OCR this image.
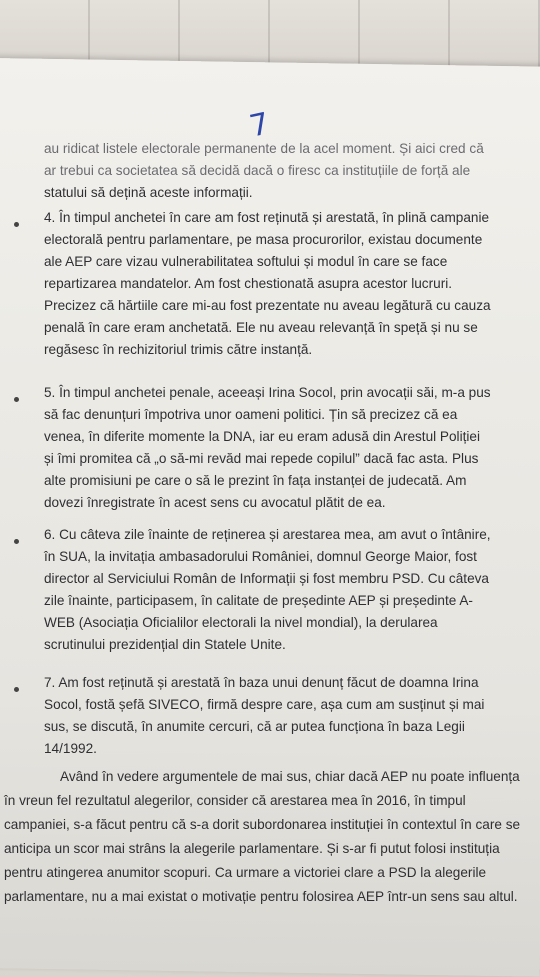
7
au ridicat listele electorale permanente de la acel moment. Și aici cred că
ar trebui ca societatea să decidă dacă o firesc ca instituțiile de forță ale
statului să dețină aceste informații.
4. În timpul anchetei în care am fost reținută și arestată, în plină campanie
electorală pentru parlamentare, pe masa procurorilor, existau documente
ale AEP care vizau vulnerabilitatea softului și modul în care se face
repartizarea mandatelor. Am fost chestionată asupra acestor lucruri.
Precizez că hărtiile care mi-au fost prezentate nu aveau legătură cu cauza
penală în care eram anchetată. Ele nu aveau relevanță în speță și nu se
regăsesc în rechizitoriul trimis către instanță.
5. În timpul anchetei penale, aceeași Irina Socol, prin avocații săi, m-a pus
să fac denunțuri împotriva unor oameni politici. Țin să precizez că ea
venea, în diferite momente la DNA, iar eu eram adusă din Arestul Poliției
și îmi promitea că „o să-mi revăd mai repede copilul” dacă fac asta. Plus
alte promisiuni pe care o să le prezint în fața instanței de judecată. Am
dovezi înregistrate în acest sens cu avocatul plătit de ea.
6. Cu câteva zile înainte de reținerea și arestarea mea, am avut o întânire,
în SUA, la invitația ambasadorului României, domnul George Maior, fost
director al Serviciului Român de Informații și fost membru PSD. Cu câteva
zile înainte, participasem, în calitate de președinte AEP și președinte A-
WEB (Asociația Oficialilor electorali la nivel mondial), la derularea
scrutinului prezidențial din Statele Unite.
7. Am fost reținută și arestată în baza unui denunț făcut de doamna Irina
Socol, fostă șefă SIVECO, firmă despre care, așa cum am susținut și mai
sus, se discută, în anumite cercuri, că ar putea funcționa în baza Legii
14/1992.
Având în vedere argumentele de mai sus, chiar dacă AEP nu poate influența
în vreun fel rezultatul alegerilor, consider că arestarea mea în 2016, în timpul
campaniei, s-a făcut pentru că s-a dorit subordonarea instituției în contextul în care se
anticipa un scor mai strâns la alegerile parlamentare. Și s-ar fi putut folosi instituția
pentru atingerea anumitor scopuri. Ca urmare a victoriei clare a PSD la alegerile
parlamentare, nu a mai existat o motivație pentru folosirea AEP într-un sens sau altul.
